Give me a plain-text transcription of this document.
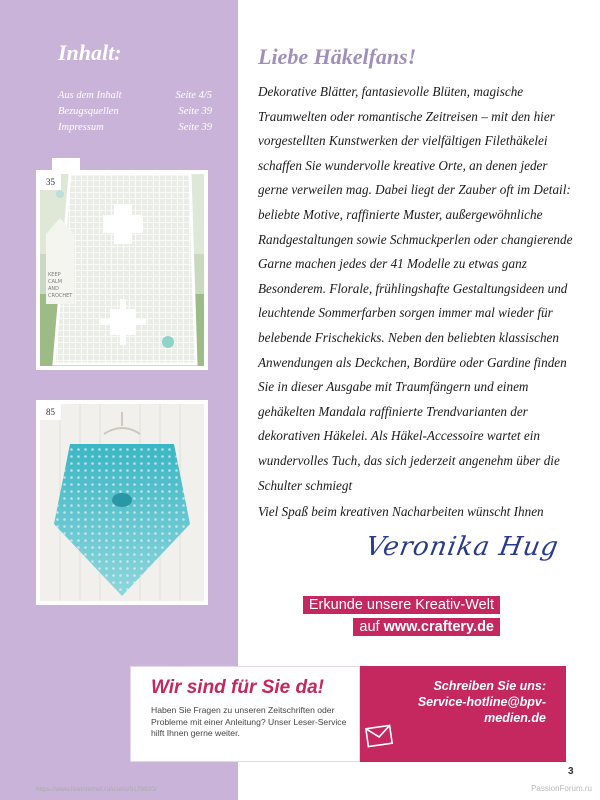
Inhalt:
Aus dem Inhalt	Seite 4/5
Bezugsquellen	Seite 39
Impressum	Seite 39
KEEP
CALM
AND
CROCHET
35
85
Liebe Häkelfans!
Dekorative Blätter, fantasievolle Blüten, magische Traumwelten oder romantische Zeitreisen – mit den hier vorgestellten Kunstwerken der vielfältigen Filethäkelei schaffen Sie wundervolle kreative Orte, an denen jeder gerne verweilen mag. Dabei liegt der Zauber oft im Detail: beliebte Motive, raffinierte Muster, außergewöhnliche Randgestaltungen sowie Schmuckperlen oder changierende Garne machen jedes der 41 Modelle zu etwas ganz Besonderem. Florale, frühlingshafte Gestaltungsideen und leuchtende Sommerfarben sorgen immer mal wieder für belebende Frischekicks. Neben den beliebten klassischen Anwendungen als Deckchen, Bordüre oder Gardine finden Sie in dieser Ausgabe mit Traumfängern und einem gehäkelten Mandala raffinierte Trendvarianten der dekorativen Häkelei. Als Häkel-Accessoire wartet ein wundervolles Tuch, das sich jederzeit angenehm über die Schulter schmiegt
Viel Spaß beim kreativen Nacharbeiten wünscht Ihnen
Veronika Hug
Erkunde unsere Kreativ-Welt
auf www.craftery.de
Wir sind für Sie da!
Haben Sie Fragen zu unseren Zeitschriften oder Probleme mit einer Anleitung? Unser Leser-Service hilft Ihnen gerne weiter.
Schreiben Sie uns:
Service-hotline@bpv-
medien.de
3
https://www.liveinternet.ru/users/5179920/	PassionForum.ru
